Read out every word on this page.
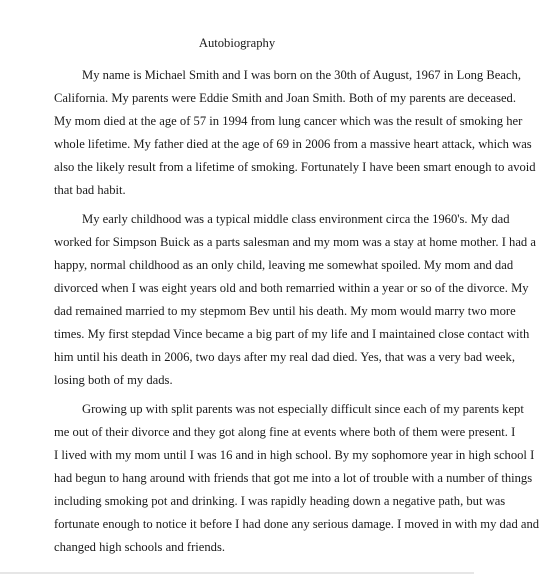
Autobiography
My name is Michael Smith and I was born on the 30th of August, 1967 in Long Beach,
California. My parents were Eddie Smith and Joan Smith. Both of my parents are deceased.
My mom died at the age of 57 in 1994 from lung cancer which was the result of smoking her
whole lifetime. My father died at the age of 69 in 2006 from a massive heart attack, which was
also the likely result from a lifetime of smoking. Fortunately I have been smart enough to avoid
that bad habit.
My early childhood was a typical middle class environment circa the 1960's. My dad
worked for Simpson Buick as a parts salesman and my mom was a stay at home mother. I had a
happy, normal childhood as an only child, leaving me somewhat spoiled. My mom and dad
divorced when I was eight years old and both remarried within a year or so of the divorce. My
dad remained married to my stepmom Bev until his death. My mom would marry two more
times. My first stepdad Vince became a big part of my life and I maintained close contact with
him until his death in 2006, two days after my real dad died. Yes, that was a very bad week,
losing both of my dads.
Growing up with split parents was not especially difficult since each of my parents kept
me out of their divorce and they got along fine at events where both of them were present. I
I lived with my mom until I was 16 and in high school. By my sophomore year in high school I
had begun to hang around with friends that got me into a lot of trouble with a number of things
including smoking pot and drinking. I was rapidly heading down a negative path, but was
fortunate enough to notice it before I had done any serious damage. I moved in with my dad and
changed high schools and friends.
